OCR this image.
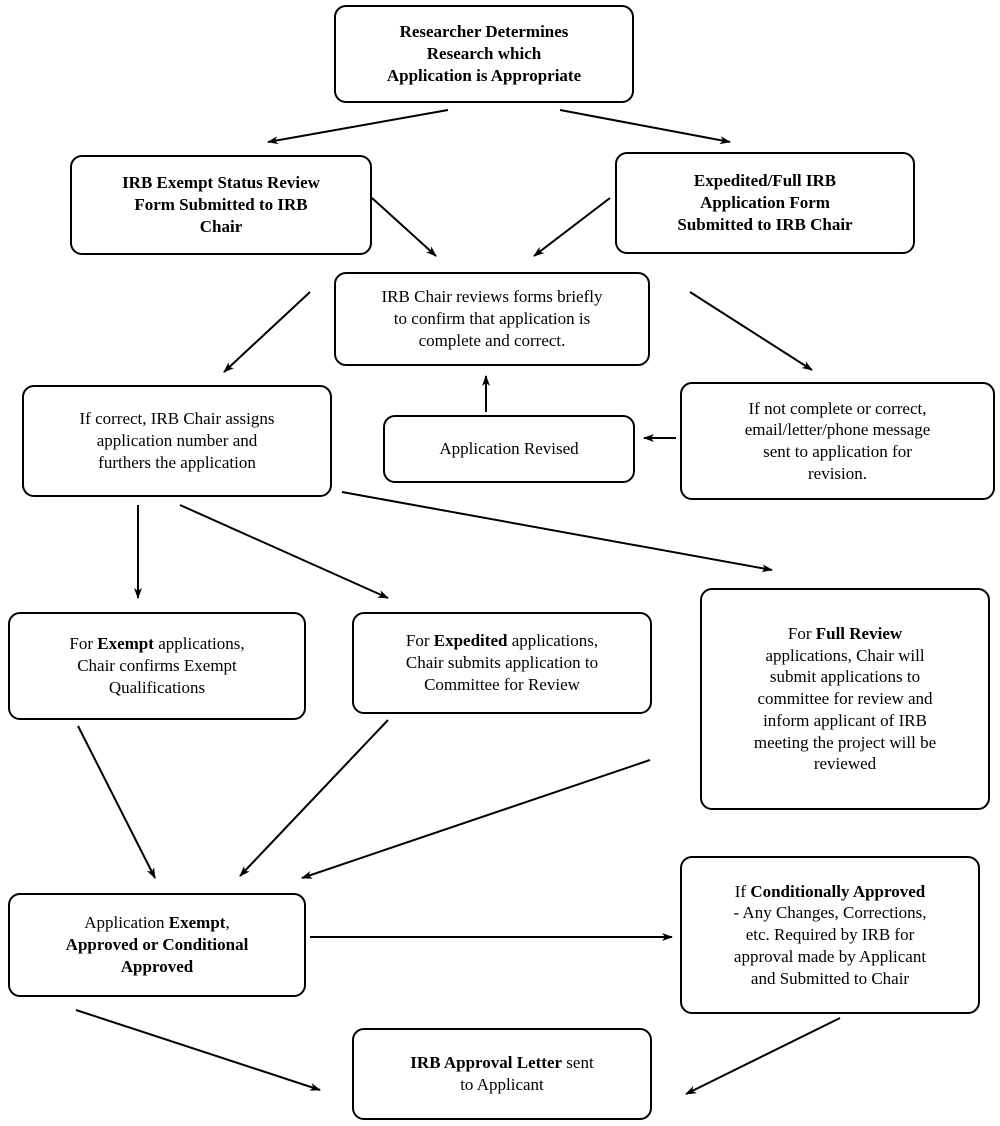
Researcher Determines
Research which
Application is Appropriate
IRB Exempt Status Review
Form Submitted to IRB
Chair
Expedited/Full IRB
Application Form
Submitted to IRB Chair
IRB Chair reviews forms briefly
to confirm that application is
complete and correct.
If correct, IRB Chair assigns
application number and
furthers the application
Application Revised
If not complete or correct,
email/letter/phone message
sent to application for
revision.
For Exempt applications,
Chair confirms Exempt
Qualifications
For Expedited applications,
Chair submits application to
Committee for Review
For Full Review
applications, Chair will
submit applications to
committee for review and
inform applicant of IRB
meeting the project will be
reviewed
Application Exempt,
Approved or Conditional
Approved
If Conditionally Approved
- Any Changes, Corrections,
etc. Required by IRB for
approval made by Applicant
and Submitted to Chair
IRB Approval Letter sent
to Applicant
